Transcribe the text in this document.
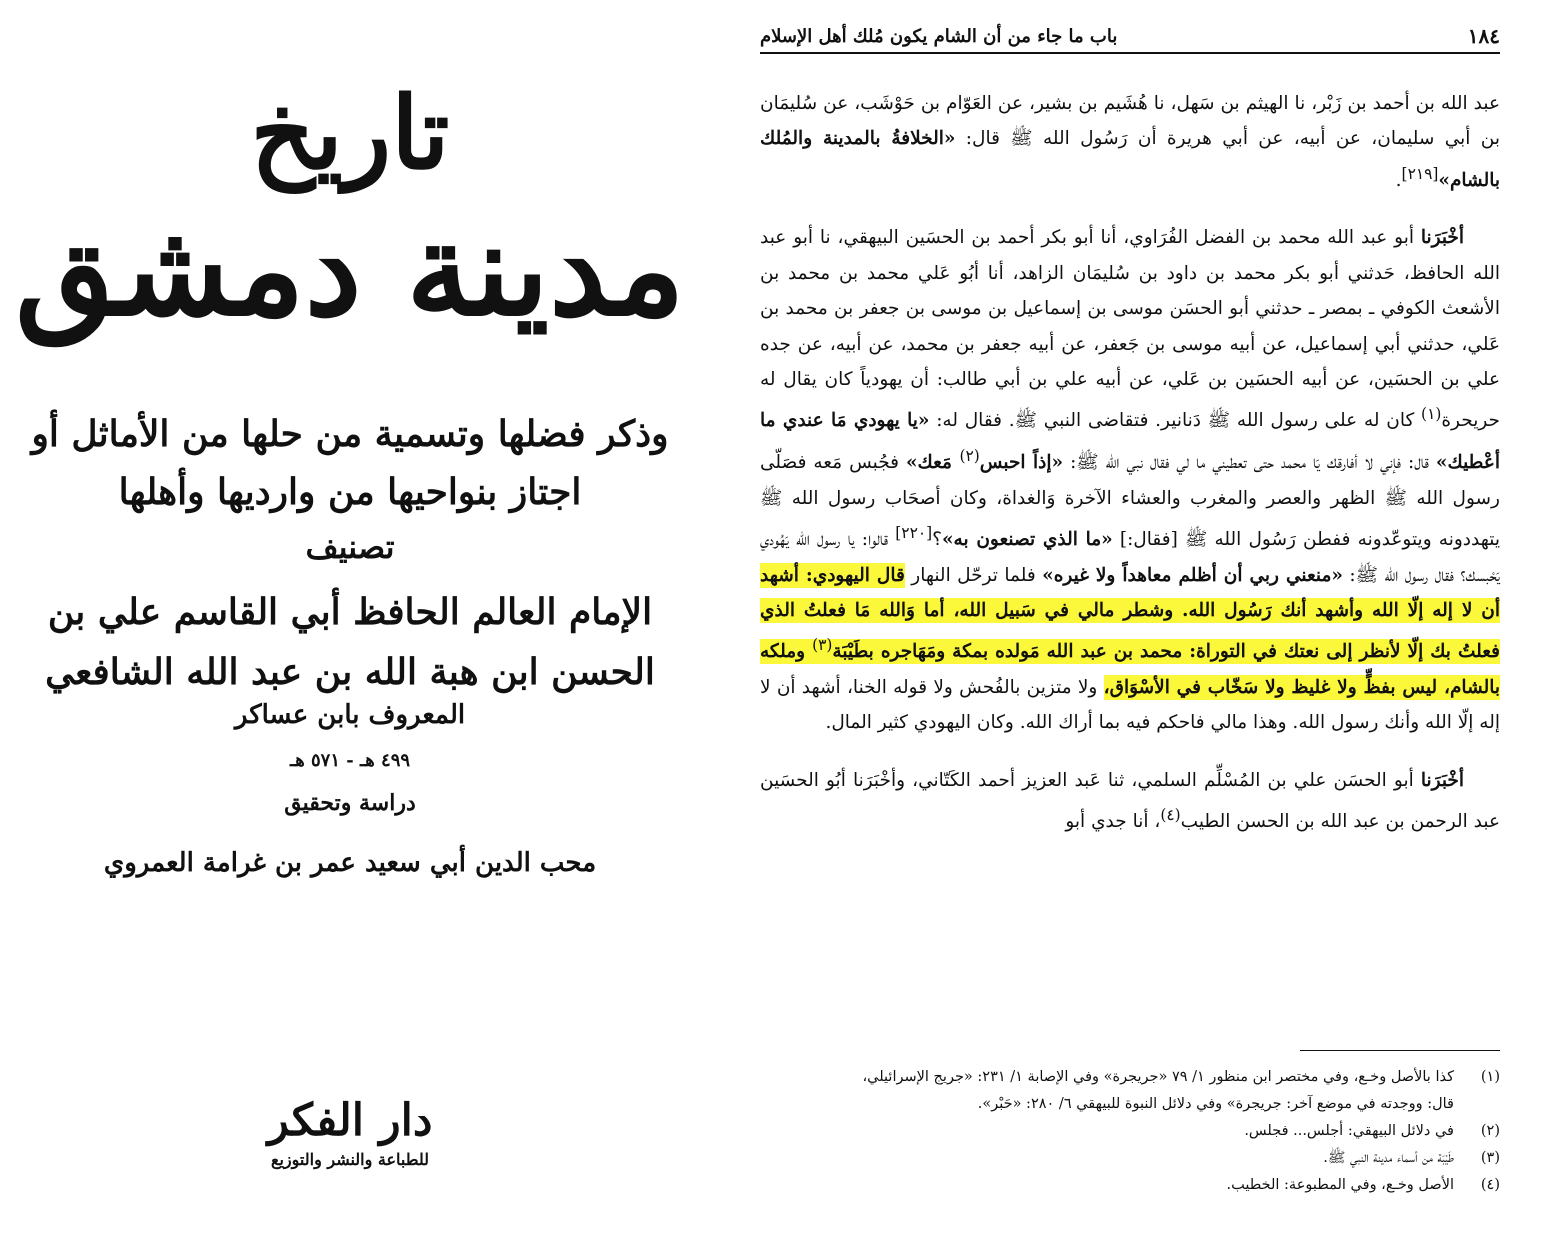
تاريخ
مدينة دمشق
وذكر فضلها وتسمية من حلها من الأماثل أو اجتاز بنواحيها من وارديها وأهلها
تصنيف
الإمام العالم الحافظ أبي القاسم علي بن الحسن ابن هبة الله بن عبد الله الشافعي
المعروف بابن عساكر
٤٩٩ هـ - ٥٧١ هـ
دراسة وتحقيق
محب الدين أبي سعيد عمر بن غرامة العمروي
دار الفكر
للطباعة والنشر والتوزيع
١٨٤
باب ما جاء من أن الشام يكون مُلك أهل الإسلام

عبد الله بن أحمد بن زَبْر، نا الهيثم بن سَهل، نا هُشَيم بن بشير، عن العَوّام بن حَوْشَب، عن سُليمَان بن أبي سليمان، عن أبيه، عن أبي هريرة أن رَسُول الله ﷺ قال: «الخلافةُ بالمدينة والمُلك بالشام»[٢١٩].

أخْبَرَنا أبو عبد الله محمد بن الفضل الفُرَاوي، أنا أبو بكر أحمد بن الحسَين البيهقي، نا أبو عبد الله الحافظ، حَدثني أبو بكر محمد بن داود بن سُليمَان الزاهد، أنا أبُو عَلي محمد بن محمد بن الأشعث الكوفي ـ بمصر ـ حدثني أبو الحسَن موسى بن إسماعيل بن موسى بن جعفر بن محمد بن عَلي، حدثني أبي إسماعيل، عن أبيه موسى بن جَعفر، عن أبيه جعفر بن محمد، عن أبيه، عن جده علي بن الحسَين، عن أبيه الحسَين بن عَلي، عن أبيه علي بن أبي طالب: أن يهودياً كان يقال له حريحرة$^{(١)}$ كان له على رسول الله ﷺ دَنانير. فتقاضى النبي ﷺ. فقال له: «يا يهودي مَا عندي ما أعْطيك» قال: فإني لا أفارقك يَا محمد حتى تعطيني ما لي فقال نبي الله ﷺ: «إذاً احبس$^{(٢)}$ مَعك» فجُبس مَعه فصَلّى رسول الله ﷺ الظهر والعصر والمغرب والعشاء الآخرة وَالغداة، وكان أصحَاب رسول الله ﷺ يتهددونه ويتوعّدونه ففطن رَسُول الله ﷺ [فقال:] «ما الذي تصنعون به»؟[٢٢٠] قالوا: يا رسول الله يَهُودي يَحْبسك؟ فقال رسول الله ﷺ: «منعني ربي أن أظلم معاهداً ولا غيره» فلما ترحّل النهار قال اليهودي: أشهد أن لا إله إلّا الله وأشهد أنك رَسُول الله. وشطر مالي في سَبيل الله، أما وَالله مَا فعلتُ الذي فعلتُ بك إلّا لأنظر إلى نعتك في التوراة: محمد بن عبد الله مَولده بمكة ومَهَاجره بطَيْبَة$^{(٣)}$ وملكه بالشام، ليس بفظٍّ ولا غليظ ولا سَخّاب في الأسْوَاق، ولا متزين بالفُحش ولا قوله الخنا، أشهد أن لا إله إلّا الله وأنك رسول الله. وهذا مالي فاحكم فيه بما أراك الله. وكان اليهودي كثير المال.

أخْبَرَنا أبو الحسَن علي بن المُسْلِّم السلمي، ثنا عَبد العزيز أحمد الكَتّاني، وأخْبَرَنا أبُو الحسَين عبد الرحمن بن عبد الله بن الحسن الطيب$^{(٤)}$، أنا جدي أبو

(١)كذا بالأصل وخـع، وفي مختصر ابن منظور ١/ ٧٩ «جريجرة» وفي الإصابة ١/ ٢٣١: «جريج الإسرائيلي،
قال: ووجدته في موضع آخر: جريجرة» وفي دلائل النبوة للبيهقي ٦/ ٢٨٠: «حَبْر».
(٢)في دلائل البيهقي: أجلس... فجلس.
(٣)طَيْبَة من أسماء مدينة النبي ﷺ.
(٤)الأصل وخـع، وفي المطبوعة: الخطيب.
